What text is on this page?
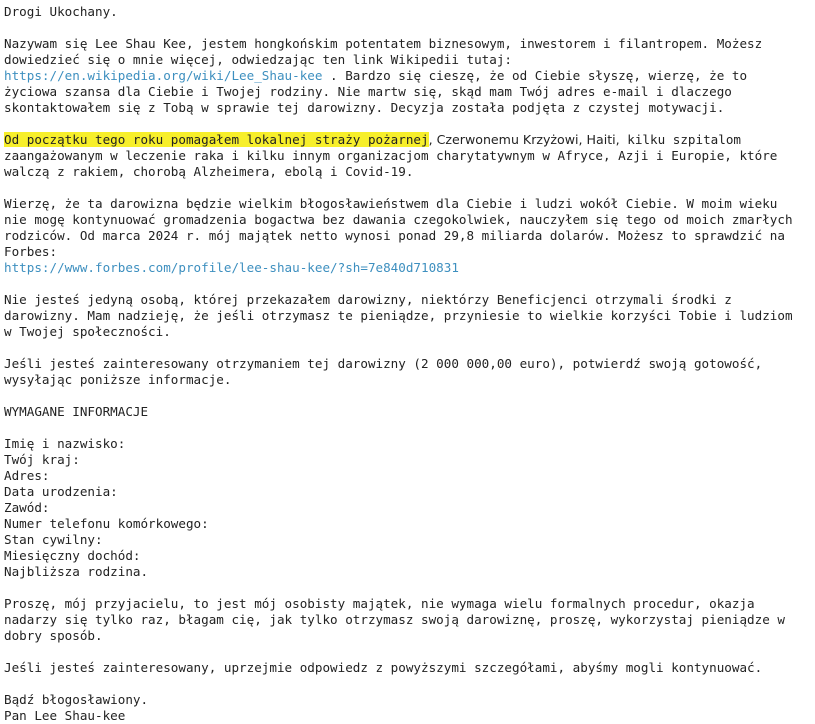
Drogi Ukochany.

Nazywam się Lee Shau Kee, jestem hongkońskim potentatem biznesowym, inwestorem i filantropem. Możesz dowiedzieć się o mnie więcej, odwiedzając ten link Wikipedii tutaj: https://en.wikipedia.org/wiki/Lee_Shau-kee . Bardzo się cieszę, że od Ciebie słyszę, wierzę, że to życiowa szansa dla Ciebie i Twojej rodziny. Nie martw się, skąd mam Twój adres e-mail i dlaczego skontaktowałem się z Tobą w sprawie tej darowizny. Decyzja została podjęta z czystej motywacji.

Od początku tego roku pomagałem lokalnej straży pożarnej, Czerwonemu Krzyżowi, Haiti, kilku szpitalom zaangażowanym w leczenie raka i kilku innym organizacjom charytatywnym w Afryce, Azji i Europie, które walczą z rakiem, chorobą Alzheimera, ebolą i Covid-19.

Wierzę, że ta darowizna będzie wielkim błogosławieństwem dla Ciebie i ludzi wokół Ciebie. W moim wieku nie mogę kontynuować gromadzenia bogactwa bez dawania czegokolwiek, nauczyłem się tego od moich zmarłych rodziców. Od marca 2024 r. mój majątek netto wynosi ponad 29,8 miliarda dolarów. Możesz to sprawdzić na Forbes:
https://www.forbes.com/profile/lee-shau-kee/?sh=7e840d710831

Nie jesteś jedyną osobą, której przekazałem darowizny, niektórzy Beneficjenci otrzymali środki z darowizny. Mam nadzieję, że jeśli otrzymasz te pieniądze, przyniesie to wielkie korzyści Tobie i ludziom w Twojej społeczności.

Jeśli jesteś zainteresowany otrzymaniem tej darowizny (2 000 000,00 euro), potwierdź swoją gotowość, wysyłając poniższe informacje.

WYMAGANE INFORMACJE

Imię i nazwisko:
Twój kraj:
Adres:
Data urodzenia:
Zawód:
Numer telefonu komórkowego:
Stan cywilny:
Miesięczny dochód:
Najbliższa rodzina.

Proszę, mój przyjacielu, to jest mój osobisty majątek, nie wymaga wielu formalnych procedur, okazja nadarzy się tylko raz, błagam cię, jak tylko otrzymasz swoją darowiznę, proszę, wykorzystaj pieniądze w dobry sposób.

Jeśli jesteś zainteresowany, uprzejmie odpowiedz z powyższymi szczegółami, abyśmy mogli kontynuować.

Bądź błogosławiony.
Pan Lee Shau-kee
